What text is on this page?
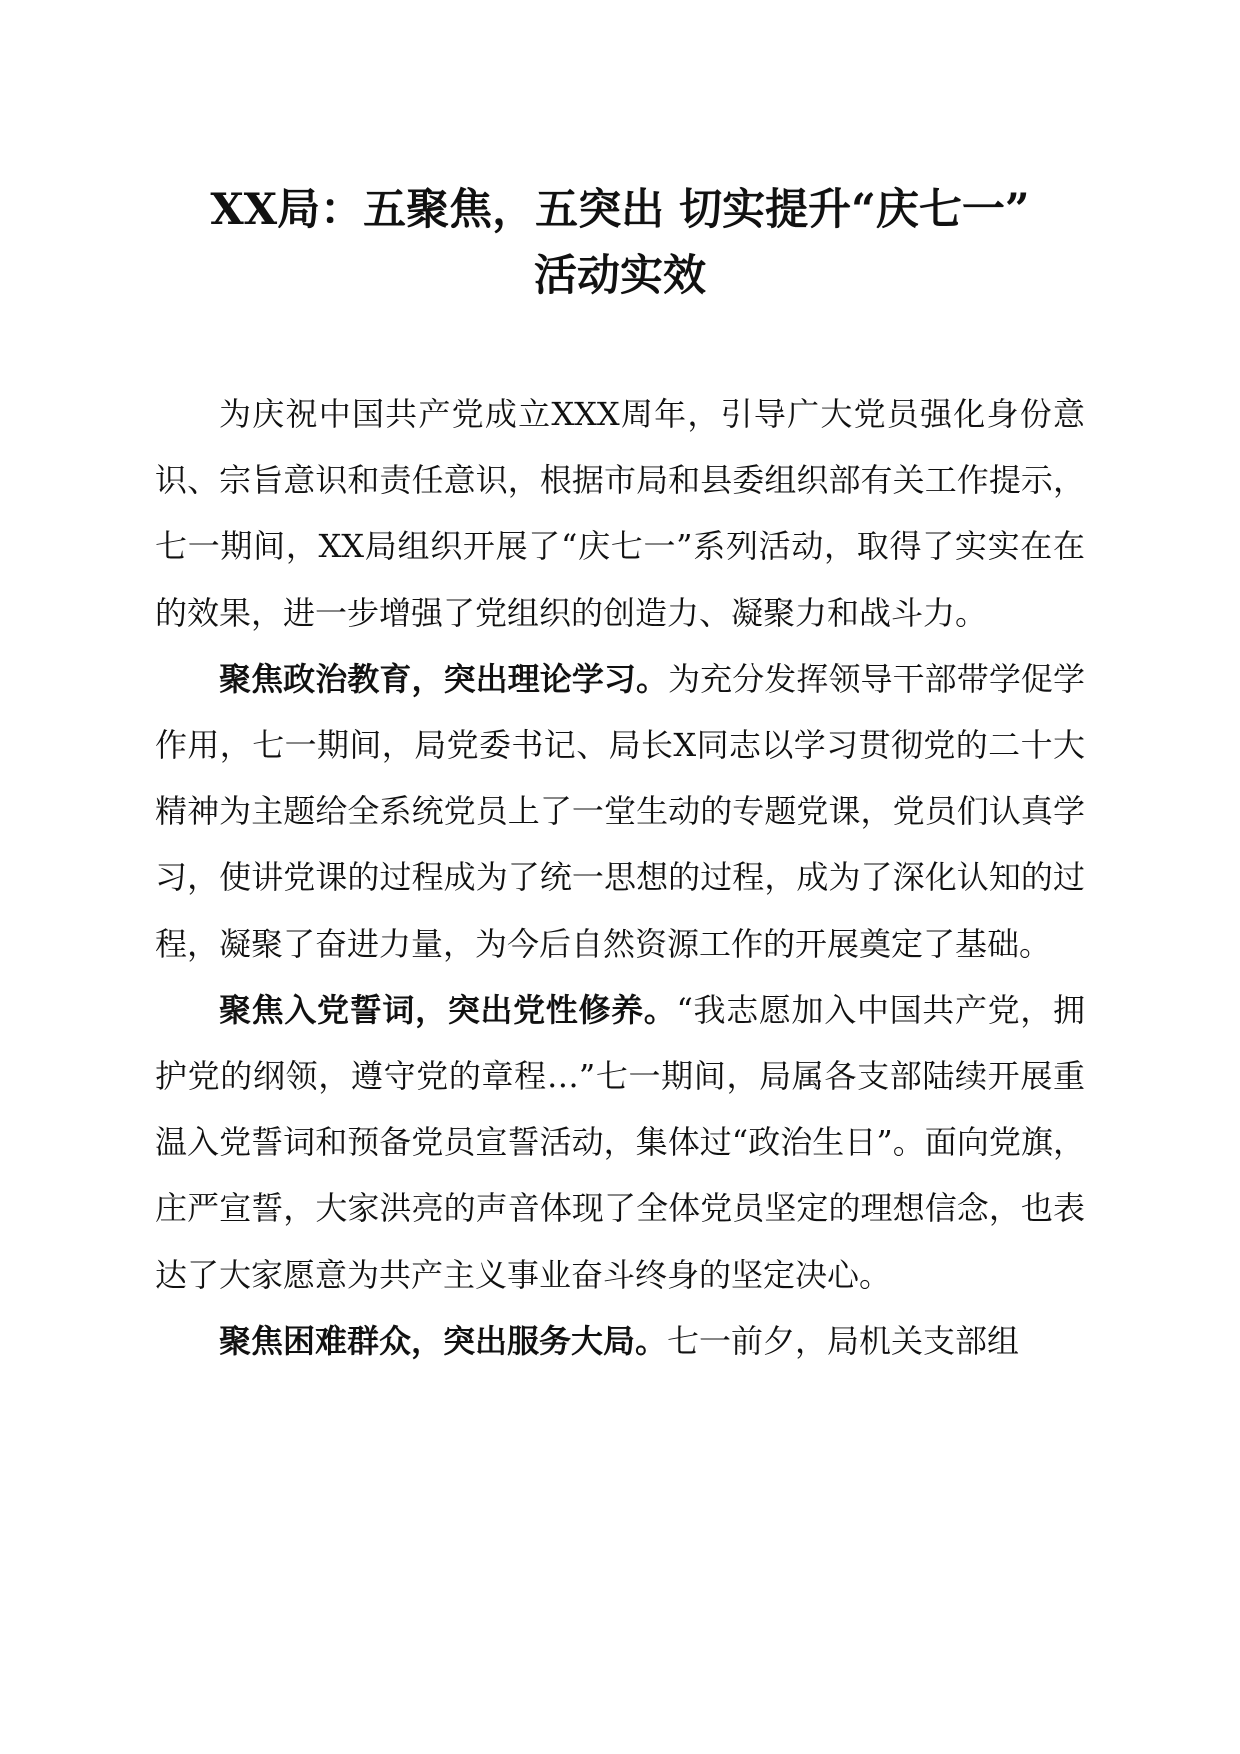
XX局：五聚焦，五突出 切实提升“庆七一”
活动实效

为庆祝中国共产党成立XXX周年，引导广大党员强化身份意识、宗旨意识和责任意识，根据市局和县委组织部有关工作提示，七一期间，XX局组织开展了“庆七一”系列活动，取得了实实在在的效果，进一步增强了党组织的创造力、凝聚力和战斗力。

聚焦政治教育，突出理论学习。为充分发挥领导干部带学促学作用，七一期间，局党委书记、局长X同志以学习贯彻党的二十大精神为主题给全系统党员上了一堂生动的专题党课，党员们认真学习，使讲党课的过程成为了统一思想的过程，成为了深化认知的过程，凝聚了奋进力量，为今后自然资源工作的开展奠定了基础。

聚焦入党誓词，突出党性修养。“我志愿加入中国共产党，拥护党的纲领，遵守党的章程…”七一期间，局属各支部陆续开展重温入党誓词和预备党员宣誓活动，集体过“政治生日”。面向党旗，庄严宣誓，大家洪亮的声音体现了全体党员坚定的理想信念，也表达了大家愿意为共产主义事业奋斗终身的坚定决心。

聚焦困难群众，突出服务大局。七一前夕，局机关支部组
